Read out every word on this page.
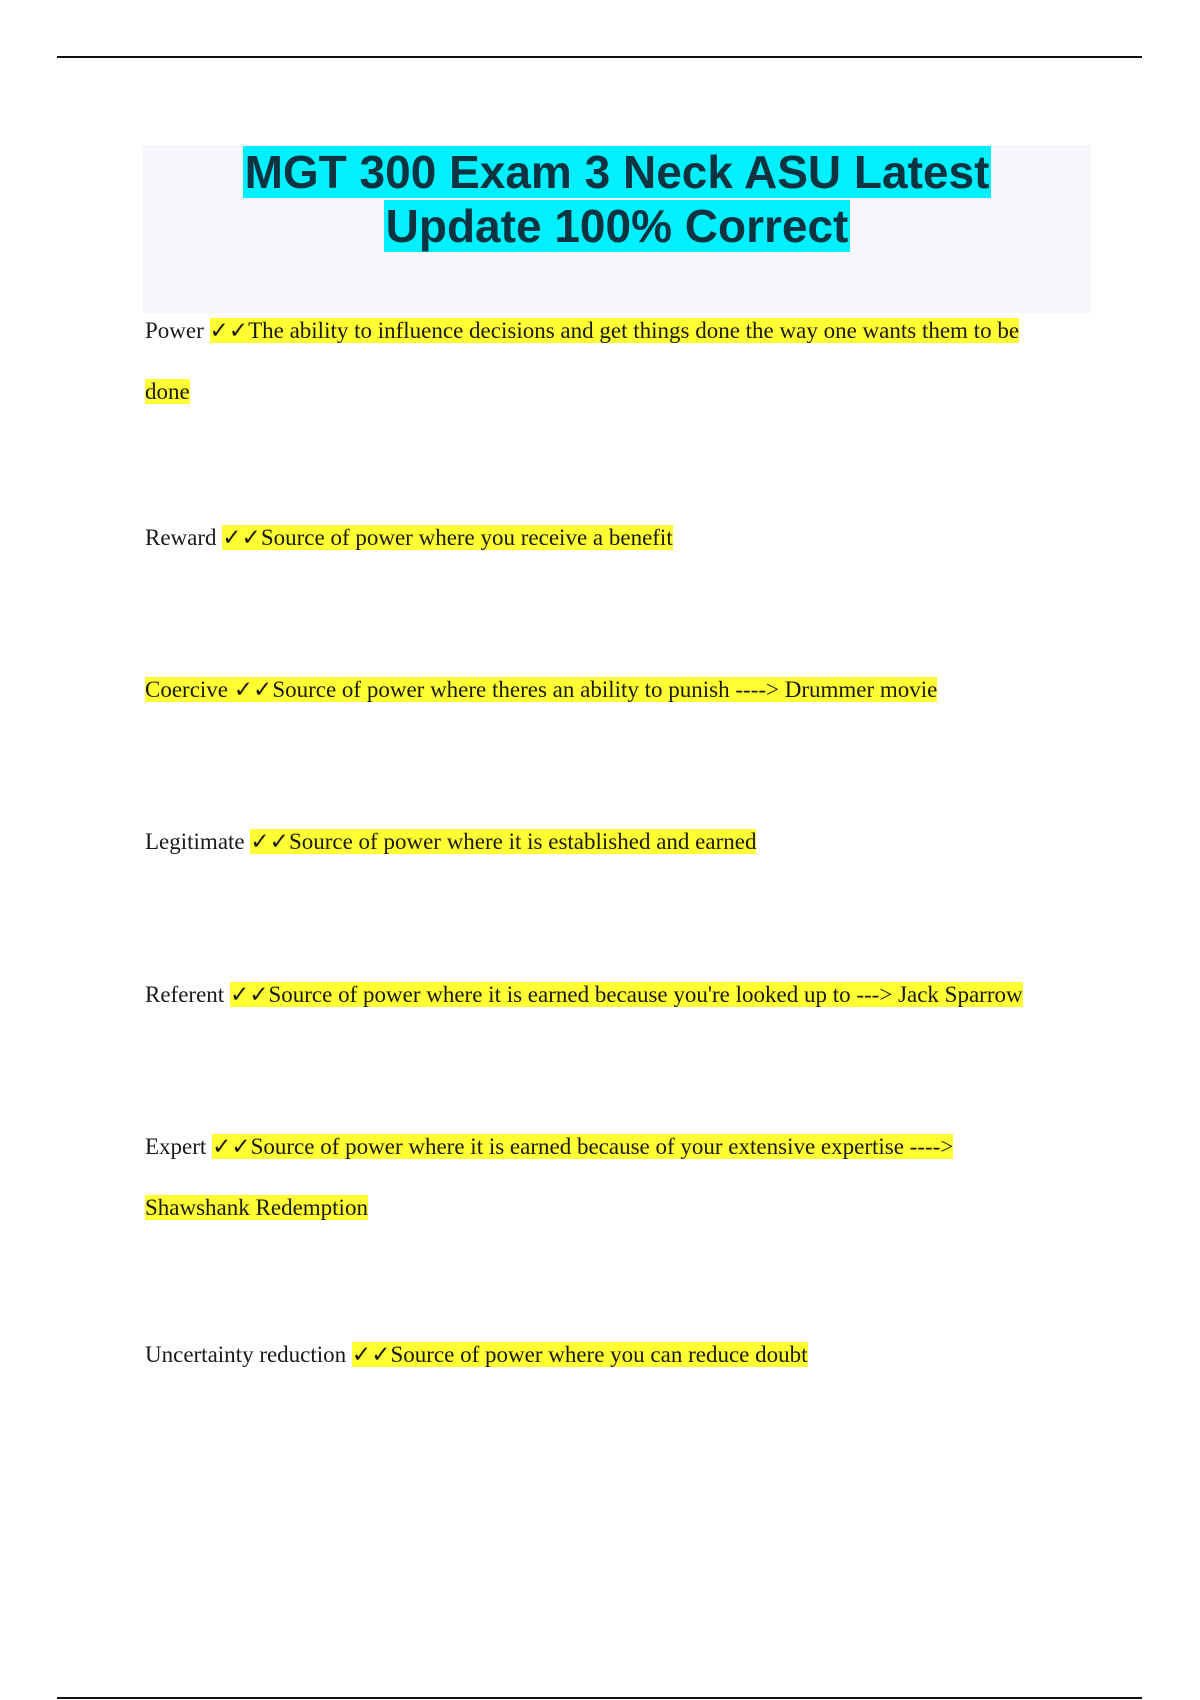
MGT 300 Exam 3 Neck ASU Latest
Update 100% Correct
Power ✓✓The ability to influence decisions and get things done the way one wants them to be
done
Reward ✓✓Source of power where you receive a benefit
Coercive ✓✓Source of power where theres an ability to punish ----> Drummer movie
Legitimate ✓✓Source of power where it is established and earned
Referent ✓✓Source of power where it is earned because you're looked up to ---> Jack Sparrow
Expert ✓✓Source of power where it is earned because of your extensive expertise ---->
Shawshank Redemption
Uncertainty reduction ✓✓Source of power where you can reduce doubt
